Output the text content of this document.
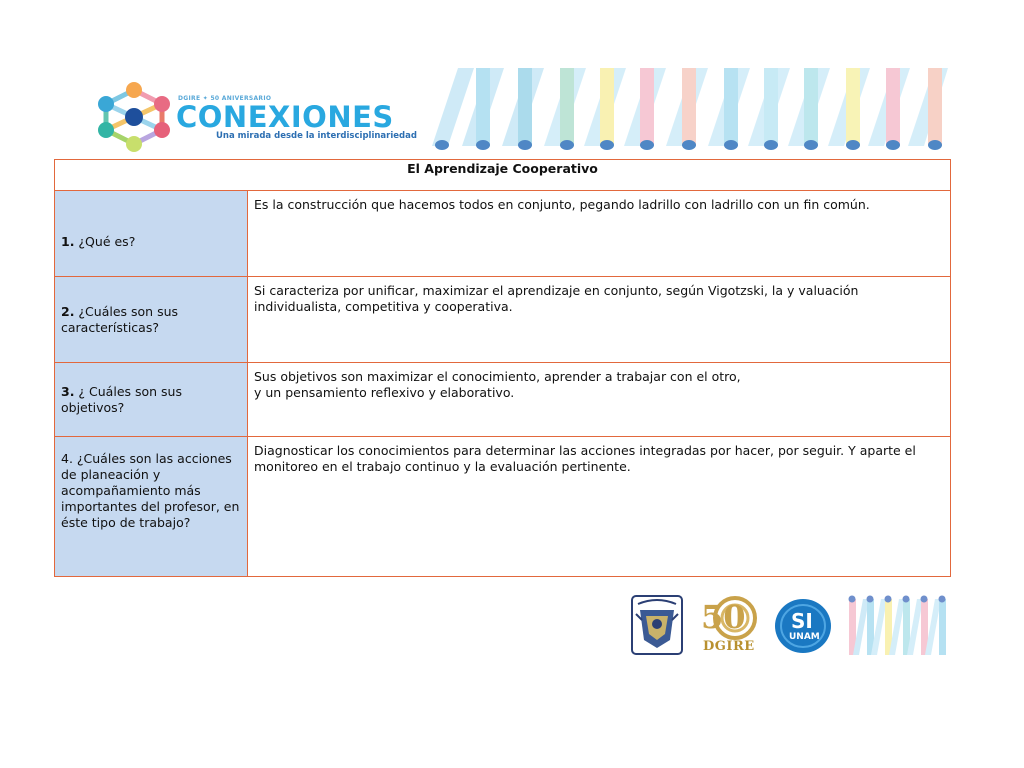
DGIRE ✦ 50 ANIVERSARIO
CONEXIONES
Una mirada desde la interdisciplinariedad
El Aprendizaje Cooperativo	

1. ¿Qué es?	Es la construcción que hacemos todos en conjunto, pegando ladrillo con ladrillo con un fin común.

2. ¿Cuáles son sus características?	Si caracteriza por unificar, maximizar el aprendizaje en conjunto, según Vigotzski, la y valuación individualista, competitiva y cooperativa.

3. ¿ Cuáles son sus objetivos?	Sus objetivos son maximizar el conocimiento, aprender a trabajar con el otro,
y un pensamiento reflexivo y elaborativo.

4. ¿Cuáles son las acciones de planeación y acompañamiento más importantes del profesor, en éste tipo de trabajo?	Diagnosticar los conocimientos para determinar las acciones integradas por hacer, por seguir. Y aparte el monitoreo en el trabajo continuo y la evaluación pertinente.
50
DGIRE
SI
UNAM
